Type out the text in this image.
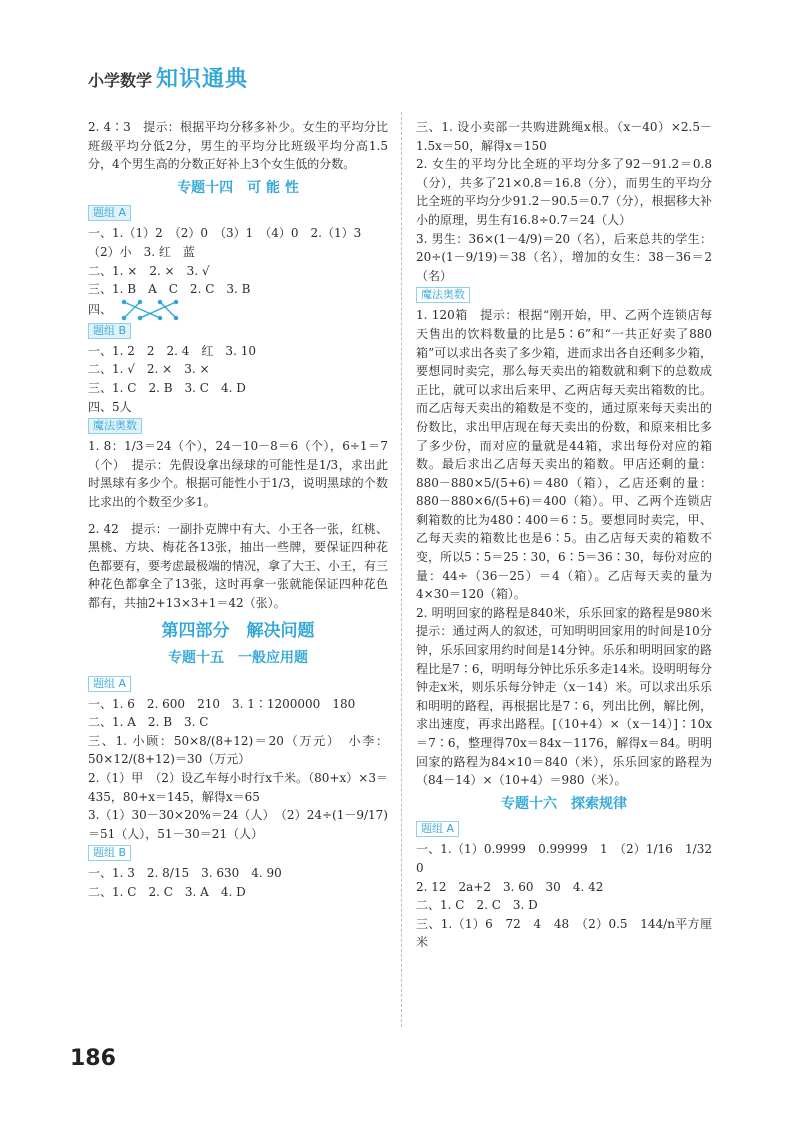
小学数学 知识通典

2. 4∶3　提示：根据平均分移多补少。女生的平均分比班级平均分低2分，男生的平均分比班级平均分高1.5分，4个男生高的分数正好补上3个女生低的分数。

专题十四　可 能 性
题组 A

一、1.（1）2　（2）0　（3）1　（4）0　2.（1）3

（2）小　3. 红　蓝

二、1. ×　2. ×　3. √

三、1. B　A　C　2. C　3. B

四、

题组 B

一、1. 2　2　2. 4　红　3. 10

二、1. √　2. ×　3. ×

三、1. C　2. B　3. C　4. D

四、5人

魔法奥数

1. 8：1/3＝24（个），24－10－8＝6（个），6÷1＝7（个）　提示：先假设拿出绿球的可能性是1/3，求出此时黑球有多少个。根据可能性小于1/3，说明黑球的个数比求出的个数至少多1。

2. 42　提示：一副扑克牌中有大、小王各一张，红桃、黑桃、方块、梅花各13张，抽出一些牌，要保证四种花色都要有，要考虑最极端的情况，拿了大王、小王，有三种花色都拿全了13张，这时再拿一张就能保证四种花色都有，共抽2+13×3+1＝42（张）。

第四部分　解决问题
专题十五　一般应用题
题组 A

一、1. 6　2. 600　210　3. 1∶1200000　180

二、1. A　2. B　3. C

三、1. 小顾：50×8/(8+12)＝20（万元）　小李：50×12/(8+12)＝30（万元）

2.（1）甲　（2）设乙车每小时行x千米。（80+x）×3＝435，80+x＝145，解得x＝65

3.（1）30－30×20%＝24（人）　（2）24÷(1－9/17)＝51（人），51－30＝21（人）

题组 B

一、1. 3　2. 8/15　3. 630　4. 90

二、1. C　2. C　3. A　4. D

三、1. 设小卖部一共购进跳绳x根。（x－40）×2.5－1.5x＝50，解得x＝150

2. 女生的平均分比全班的平均分多了92－91.2＝0.8（分），共多了21×0.8＝16.8（分），而男生的平均分比全班的平均分少91.2－90.5＝0.7（分），根据移大补小的原理，男生有16.8÷0.7＝24（人）

3. 男生：36×(1－4/9)＝20（名），后来总共的学生：20÷(1－9/19)＝38（名），增加的女生：38－36＝2（名）

魔法奥数

1. 120箱　提示：根据“刚开始，甲、乙两个连锁店每天售出的饮料数量的比是5∶6”和“一共正好卖了880箱”可以求出各卖了多少箱，进而求出各自还剩多少箱，要想同时卖完，那么每天卖出的箱数就和剩下的总数成正比，就可以求出后来甲、乙两店每天卖出箱数的比。而乙店每天卖出的箱数是不变的，通过原来每天卖出的份数比，求出甲店现在每天卖出的份数，和原来相比多了多少份，而对应的量就是44箱，求出每份对应的箱数。最后求出乙店每天卖出的箱数。甲店还剩的量：880－880×5/(5+6)＝480（箱），乙店还剩的量：880－880×6/(5+6)＝400（箱）。甲、乙两个连锁店剩箱数的比为480∶400＝6∶5。要想同时卖完，甲、乙每天卖的箱数比也是6∶5。由乙店每天卖的箱数不变，所以5∶5＝25∶30，6∶5＝36∶30，每份对应的量：44÷（36－25）＝4（箱）。乙店每天卖的量为4×30＝120（箱）。

2. 明明回家的路程是840米，乐乐回家的路程是980米　提示：通过两人的叙述，可知明明回家用的时间是10分钟，乐乐回家用约时间是14分钟。乐乐和明明回家的路程比是7∶6，明明每分钟比乐乐多走14米。设明明每分钟走x米，则乐乐每分钟走（x－14）米。可以求出乐乐和明明的路程，再根据比是7∶6，列出比例，解比例，求出速度，再求出路程。[（10+4）×（x－14）]∶10x＝7∶6，整理得70x＝84x－1176，解得x＝84。明明回家的路程为84×10＝840（米），乐乐回家的路程为（84－14）×（10+4）＝980（米）。

专题十六　探索规律
题组 A

一、1.（1）0.9999　0.99999　1　（2）1/16　1/32　0

2. 12　2a+2　3. 60　30　4. 42

二、1. C　2. C　3. D

三、1.（1）6　72　4　48　（2）0.5　144/n平方厘米

186
